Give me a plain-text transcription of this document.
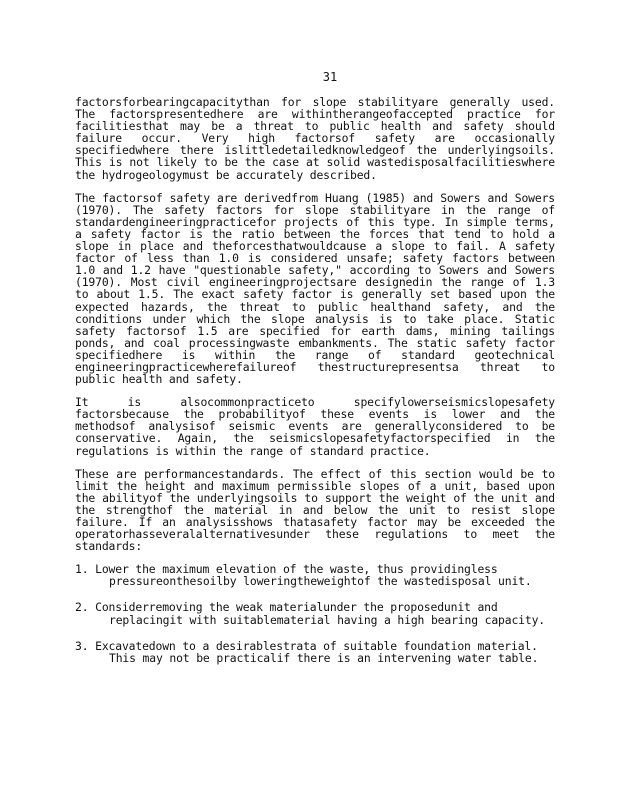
31

factorsforbearingcapacitythan for slope stabilityare generally used. The factorspresentedhere are withintherangeofaccepted practice for facilitiesthat may be a threat to public health and safety should failure occur. Very high factorsof safety are occasionally specifiedwhere there islittledetailedknowledgeof the underlyingsoils. This is not likely to be the case at solid wastedisposalfacilitieswhere the hydrogeologymust be accurately described.

The factorsof safety are derivedfrom Huang (1985) and Sowers and Sowers (1970). The safety factors for slope stabilityare in the range of standardengineeringpracticefor projects of this type. In simple terms, a safety factor is the ratio between the forces that tend to hold a slope in place and theforcesthatwouldcause a slope to fail. A safety factor of less than 1.0 is considered unsafe; safety factors between 1.0 and 1.2 have "questionable safety," according to Sowers and Sowers (1970). Most civil engineeringprojectsare designedin the range of 1.3 to about 1.5. The exact safety factor is generally set based upon the expected hazards, the threat to public healthand safety, and the conditions under which the slope analysis is to take place. Static safety factorsof 1.5 are specified for earth dams, mining tailings ponds, and coal processingwaste embankments. The static safety factor specifiedhere is within the range of standard geotechnical engineeringpracticewherefailureof thestructurepresentsa threat to public health and safety.

It is alsocommonpracticeto specifylowerseismicslopesafety factorsbecause the probabilityof these events is lower and the methodsof analysisof seismic events are generallyconsidered to be conservative. Again, the seismicslopesafetyfactorspecified in the regulations is within the range of standard practice.

These are performancestandards. The effect of this section would be to limit the height and maximum permissible slopes of a unit, based upon the abilityof the underlyingsoils to support the weight of the unit and the strengthof the material in and below the unit to resist slope failure. If an analysisshows thatasafety factor may be exceeded the operatorhasseveralalternativesunder these regulations to meet the standards:

1. Lower the maximum elevation of the waste, thus providingless pressureonthesoilby loweringtheweightof the wastedisposal unit.
2. Considerremoving the weak materialunder the proposedunit and replacingit with suitablematerial having a high bearing capacity.
3. Excavatedown to a desirablestrata of suitable foundation material. This may not be practicalif there is an intervening water table.
